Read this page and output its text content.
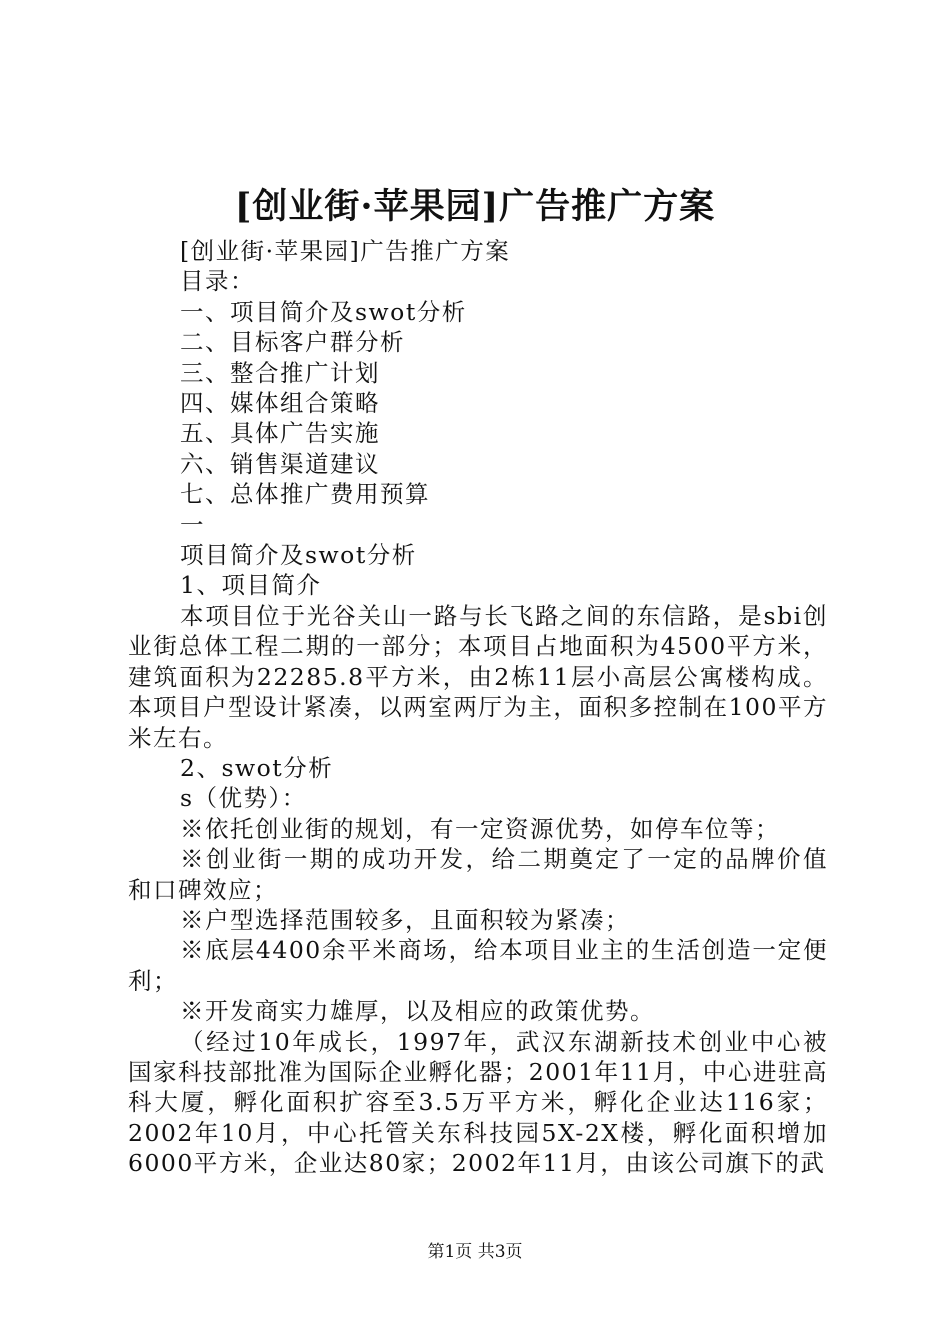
[创业街·苹果园]广告推广方案

[创业街·苹果园]广告推广方案

目录：

一、项目简介及swot分析

二、目标客户群分析

三、整合推广计划

四、媒体组合策略

五、具体广告实施

六、销售渠道建议

七、总体推广费用预算

一

项目简介及swot分析

1、项目简介

本项目位于光谷关山一路与长飞路之间的东信路，是sbi创业街总体工程二期的一部分；本项目占地面积为4500平方米，建筑面积为22285.8平方米，由2栋11层小高层公寓楼构成。本项目户型设计紧凑，以两室两厅为主，面积多控制在100平方米左右。

2、swot分析

s（优势）：

※依托创业街的规划，有一定资源优势，如停车位等；

※创业街一期的成功开发，给二期奠定了一定的品牌价值和口碑效应；

※户型选择范围较多，且面积较为紧凑；

※底层4400余平米商场，给本项目业主的生活创造一定便利；

※开发商实力雄厚，以及相应的政策优势。

（经过10年成长，1997年，武汉东湖新技术创业中心被国家科技部批准为国际企业孵化器；2001年11月，中心进驻高科大厦，孵化面积扩容至3.5万平方米，孵化企业达116家；2002年10月，中心托管关东科技园5X-2X楼，孵化面积增加6000平方米，企业达80家；2002年11月，由该公司旗下的武

第1页 共3页
